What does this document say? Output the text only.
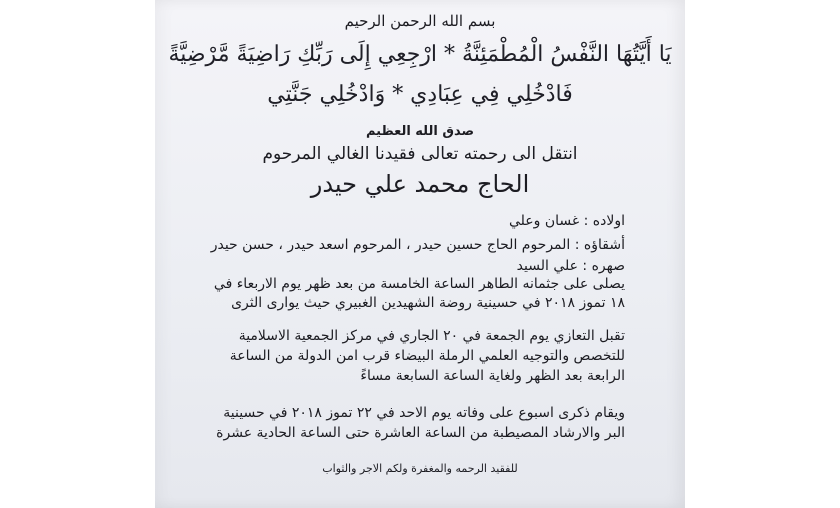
بسم الله الرحمن الرحيم
يَا أَيَّتُهَا النَّفْسُ الْمُطْمَئِنَّةُ * ارْجِعِي إِلَى رَبِّكِ رَاضِيَةً مَّرْضِيَّةً
فَادْخُلِي فِي عِبَادِي * وَادْخُلِي جَنَّتِي
صدق الله العظيم
انتقل الى رحمته تعالى فقيدنا الغالي المرحوم
الحاج محمد علي حيدر
اولاده : غسان وعلي
أشقاؤه : المرحوم الحاج حسين حيدر ، المرحوم اسعد حيدر ، حسن حيدر
صهره : علي السيد
يصلى على جثمانه الطاهر الساعة الخامسة من بعد ظهر يوم الاربعاء في
١٨ تموز ٢٠١٨ في حسينية روضة الشهيدين الغبيري حيث يوارى الثرى
تقبل التعازي يوم الجمعة في ٢٠ الجاري في مركز الجمعية الاسلامية
للتخصص والتوجيه العلمي الرملة البيضاء قرب امن الدولة من الساعة
الرابعة بعد الظهر ولغاية الساعة السابعة مساءً
ويقام ذكرى اسبوع على وفاته يوم الاحد في ٢٢ تموز ٢٠١٨ في حسينية
البر والارشاد المصيطبة من الساعة العاشرة حتى الساعة الحادية عشرة
للفقيد الرحمه والمغفرة ولكم الاجر والثواب
